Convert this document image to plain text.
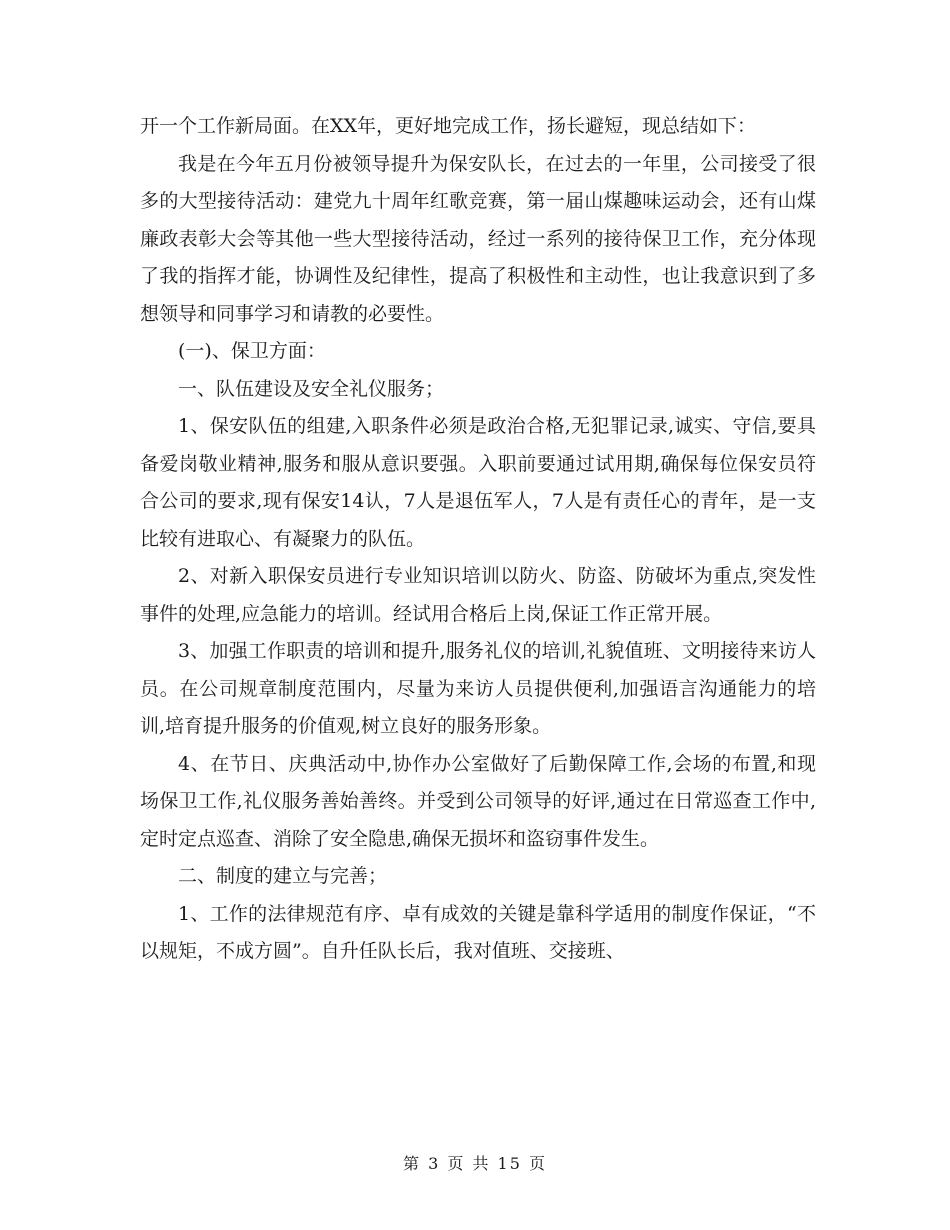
开一个工作新局面。在XX年，更好地完成工作，扬长避短，现总结如下：

我是在今年五月份被领导提升为保安队长，在过去的一年里，公司接受了很多的大型接待活动：建党九十周年红歌竞赛，第一届山煤趣味运动会，还有山煤廉政表彰大会等其他一些大型接待活动，经过一系列的接待保卫工作，充分体现了我的指挥才能，协调性及纪律性，提高了积极性和主动性，也让我意识到了多想领导和同事学习和请教的必要性。

(一)、保卫方面：

一、队伍建设及安全礼仪服务；

1、保安队伍的组建,入职条件必须是政治合格,无犯罪记录,诚实、守信,要具备爱岗敬业精神,服务和服从意识要强。入职前要通过试用期,确保每位保安员符合公司的要求,现有保安14认，7人是退伍军人，7人是有责任心的青年，是一支比较有进取心、有凝聚力的队伍。

2、对新入职保安员进行专业知识培训以防火、防盗、防破坏为重点,突发性事件的处理,应急能力的培训。经试用合格后上岗,保证工作正常开展。

3、加强工作职责的培训和提升,服务礼仪的培训,礼貌值班、文明接待来访人员。在公司规章制度范围内，尽量为来访人员提供便利,加强语言沟通能力的培训,培育提升服务的价值观,树立良好的服务形象。

4、在节日、庆典活动中,协作办公室做好了后勤保障工作,会场的布置,和现场保卫工作,礼仪服务善始善终。并受到公司领导的好评,通过在日常巡查工作中,定时定点巡查、消除了安全隐患,确保无损坏和盗窃事件发生。

二、制度的建立与完善；

1、工作的法律规范有序、卓有成效的关键是靠科学适用的制度作保证，“不以规矩，不成方圆”。自升任队长后，我对值班、交接班、

第 3 页 共 15 页
